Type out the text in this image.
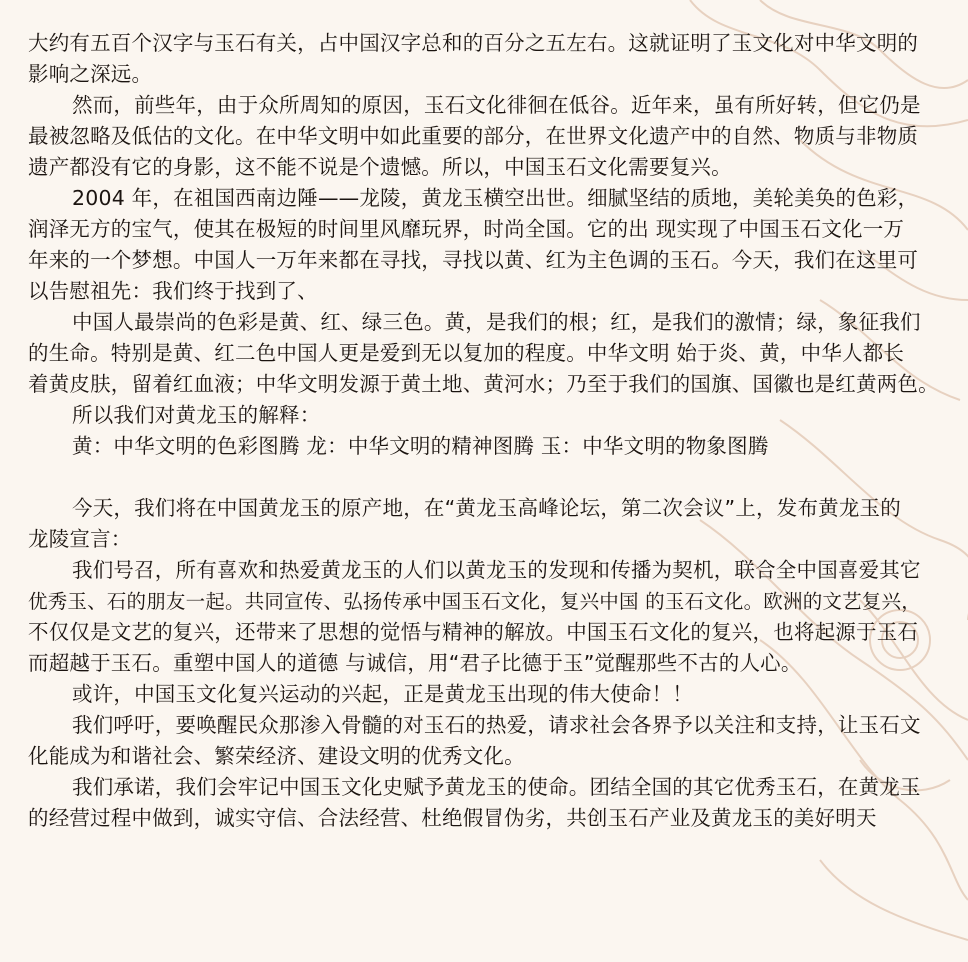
大约有五百个汉字与玉石有关，占中国汉字总和的百分之五左右。这就证明了玉文化对中华文明的
影响之深远。
然而，前些年，由于众所周知的原因，玉石文化徘徊在低谷。近年来，虽有所好转，但它仍是
最被忽略及低估的文化。在中华文明中如此重要的部分，在世界文化遗产中的自然、物质与非物质
遗产都没有它的身影，这不能不说是个遗憾。所以，中国玉石文化需要复兴。
2004 年，在祖国西南边陲——龙陵，黄龙玉横空出世。细腻坚结的质地，美轮美奂的色彩，
润泽无方的宝气，使其在极短的时间里风靡玩界，时尚全国。它的出 现实现了中国玉石文化一万
年来的一个梦想。中国人一万年来都在寻找，寻找以黄、红为主色调的玉石。今天，我们在这里可
以告慰祖先：我们终于找到了、
中国人最崇尚的色彩是黄、红、绿三色。黄，是我们的根；红，是我们的激情；绿，象征我们
的生命。特别是黄、红二色中国人更是爱到无以复加的程度。中华文明 始于炎、黄，中华人都长
着黄皮肤，留着红血液；中华文明发源于黄土地、黄河水；乃至于我们的国旗、国徽也是红黄两色。
所以我们对黄龙玉的解释：
黄：中华文明的色彩图腾 龙：中华文明的精神图腾 玉：中华文明的物象图腾
今天，我们将在中国黄龙玉的原产地，在“黄龙玉高峰论坛，第二次会议”上，发布黄龙玉的
龙陵宣言：
我们号召，所有喜欢和热爱黄龙玉的人们以黄龙玉的发现和传播为契机，联合全中国喜爱其它
优秀玉、石的朋友一起。共同宣传、弘扬传承中国玉石文化，复兴中国 的玉石文化。欧洲的文艺复兴，
不仅仅是文艺的复兴，还带来了思想的觉悟与精神的解放。中国玉石文化的复兴，也将起源于玉石
而超越于玉石。重塑中国人的道德 与诚信，用“君子比德于玉”觉醒那些不古的人心。
或许，中国玉文化复兴运动的兴起，正是黄龙玉出现的伟大使命！！
我们呼吁，要唤醒民众那渗入骨髓的对玉石的热爱，请求社会各界予以关注和支持，让玉石文
化能成为和谐社会、繁荣经济、建设文明的优秀文化。
我们承诺，我们会牢记中国玉文化史赋予黄龙玉的使命。团结全国的其它优秀玉石，在黄龙玉
的经营过程中做到，诚实守信、合法经营、杜绝假冒伪劣，共创玉石产业及黄龙玉的美好明天
